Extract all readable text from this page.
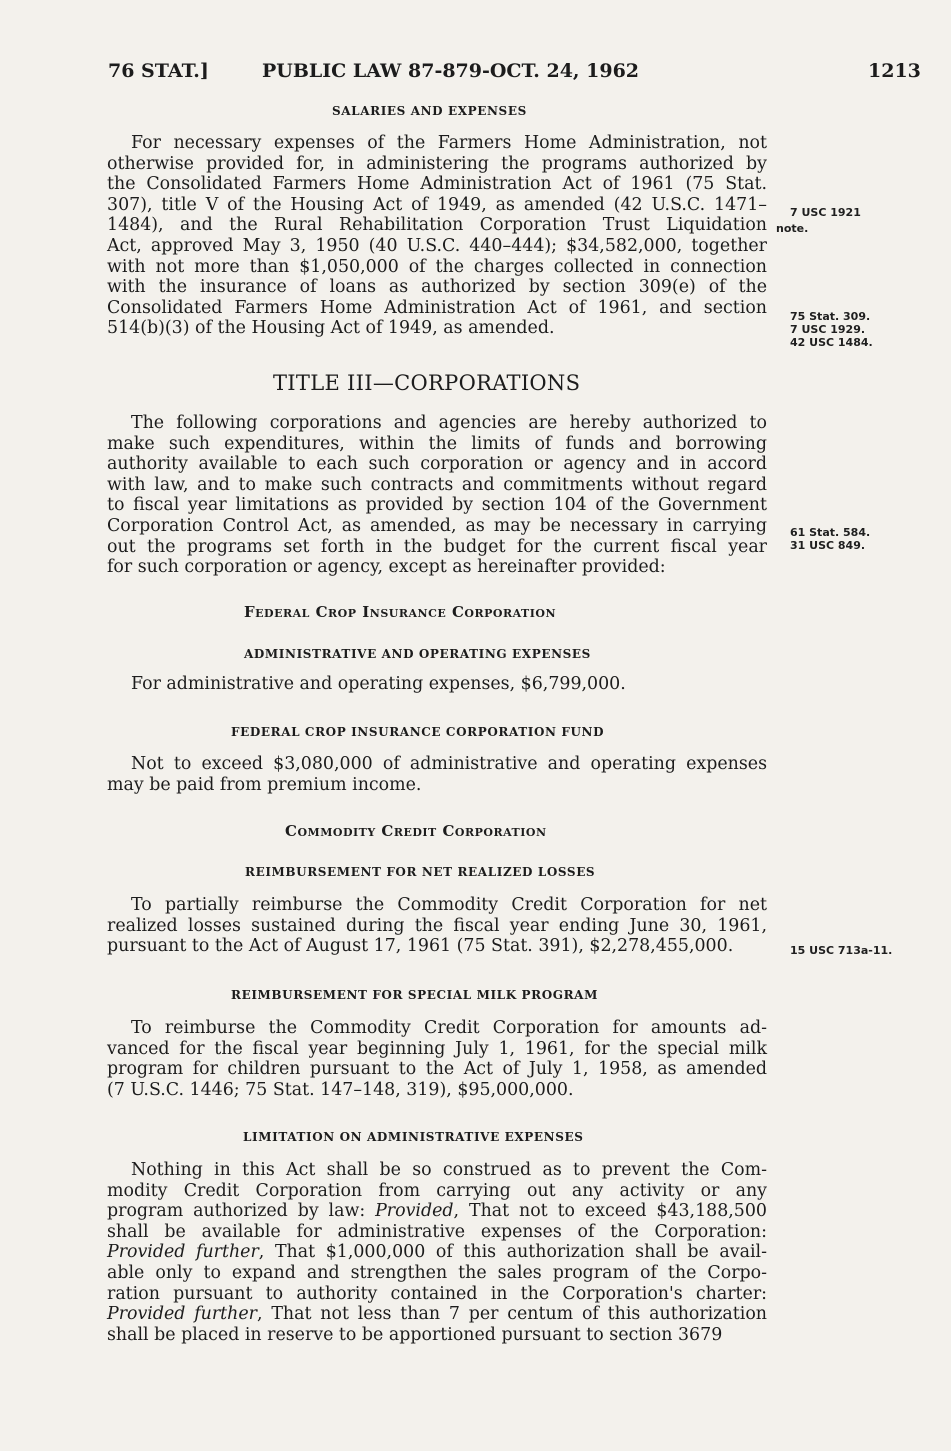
76 STAT.]	PUBLIC LAW 87-879-OCT. 24, 1962	1213
SALARIES AND EXPENSES
For necessary expenses of the Farmers Home Administration, not
otherwise provided for, in administering the programs authorized by
the Consolidated Farmers Home Administration Act of 1961 (75 Stat.
307), title V of the Housing Act of 1949, as amended (42 U.S.C. 1471–
1484), and the Rural Rehabilitation Corporation Trust Liquidation
Act, approved May 3, 1950 (40 U.S.C. 440–444); $34,582,000, together
with not more than $1,050,000 of the charges collected in connection
with the insurance of loans as authorized by section 309(e) of the
Consolidated Farmers Home Administration Act of 1961, and section
514(b)(3) of the Housing Act of 1949, as amended.
7 USC 1921
note.
75 Stat. 309.
7 USC 1929.
42 USC 1484.
TITLE III—CORPORATIONS
The following corporations and agencies are hereby authorized to
make such expenditures, within the limits of funds and borrowing
authority available to each such corporation or agency and in accord
with law, and to make such contracts and commitments without regard
to fiscal year limitations as provided by section 104 of the Government
Corporation Control Act, as amended, as may be necessary in carrying
out the programs set forth in the budget for the current fiscal year
for such corporation or agency, except as hereinafter provided:
61 Stat. 584.
31 USC 849.
Federal Crop Insurance Corporation
ADMINISTRATIVE AND OPERATING EXPENSES
For administrative and operating expenses, $6,799,000.
FEDERAL CROP INSURANCE CORPORATION FUND
Not to exceed $3,080,000 of administrative and operating expenses
may be paid from premium income.
Commodity Credit Corporation
REIMBURSEMENT FOR NET REALIZED LOSSES
To partially reimburse the Commodity Credit Corporation for net
realized losses sustained during the fiscal year ending June 30, 1961,
pursuant to the Act of August 17, 1961 (75 Stat. 391), $2,278,455,000.	15 USC 713a-11.
REIMBURSEMENT FOR SPECIAL MILK PROGRAM
To reimburse the Commodity Credit Corporation for amounts ad-
vanced for the fiscal year beginning July 1, 1961, for the special milk
program for children pursuant to the Act of July 1, 1958, as amended
(7 U.S.C. 1446; 75 Stat. 147–148, 319), $95,000,000.
LIMITATION ON ADMINISTRATIVE EXPENSES
Nothing in this Act shall be so construed as to prevent the Com-
modity Credit Corporation from carrying out any activity or any
program authorized by law: Provided, That not to exceed $43,188,500
shall be available for administrative expenses of the Corporation:
Provided further, That $1,000,000 of this authorization shall be avail-
able only to expand and strengthen the sales program of the Corpo-
ration pursuant to authority contained in the Corporation's charter:
Provided further, That not less than 7 per centum of this authorization
shall be placed in reserve to be apportioned pursuant to section 3679
